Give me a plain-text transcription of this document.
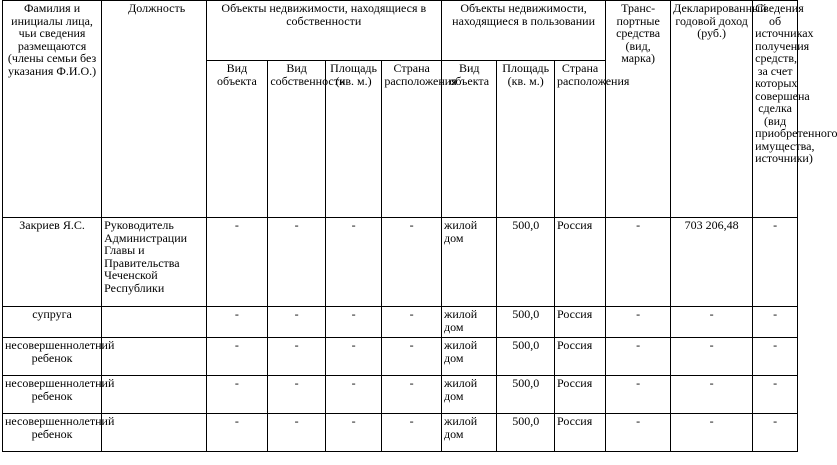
Фамилия и инициалы лица, чьи сведения размещаются (члены семьи без указания Ф.И.О.)	Должность	Объекты недвижимости, находящиеся в собственности				Объекты недвижимости, находящиеся в пользовании			Транс-портные средства (вид, марка)	Декларированный годовой доход (руб.)	Сведения об источниках получения средств, за счет которых совершена сделка (вид приобретенного имущества, источники)
		Вид объекта	Вид собственности	Площадь (кв. м.)	Страна расположения	Вид объекта	Площадь (кв. м.)	Страна расположения			
Закриев Я.С.	Руководитель Администрации Главы и Правительства Чеченской Республики	-	-	-	-	жилой дом	500,0	Россия	-	703 206,48	-
супруга		-	-	-	-	жилой дом	500,0	Россия	-	-	-
несовершеннолетний ребенок		-	-	-	-	жилой дом	500,0	Россия	-	-	-
несовершеннолетний ребенок		-	-	-	-	жилой дом	500,0	Россия	-	-	-
несовершеннолетний ребенок		-	-	-	-	жилой дом	500,0	Россия	-	-	-
